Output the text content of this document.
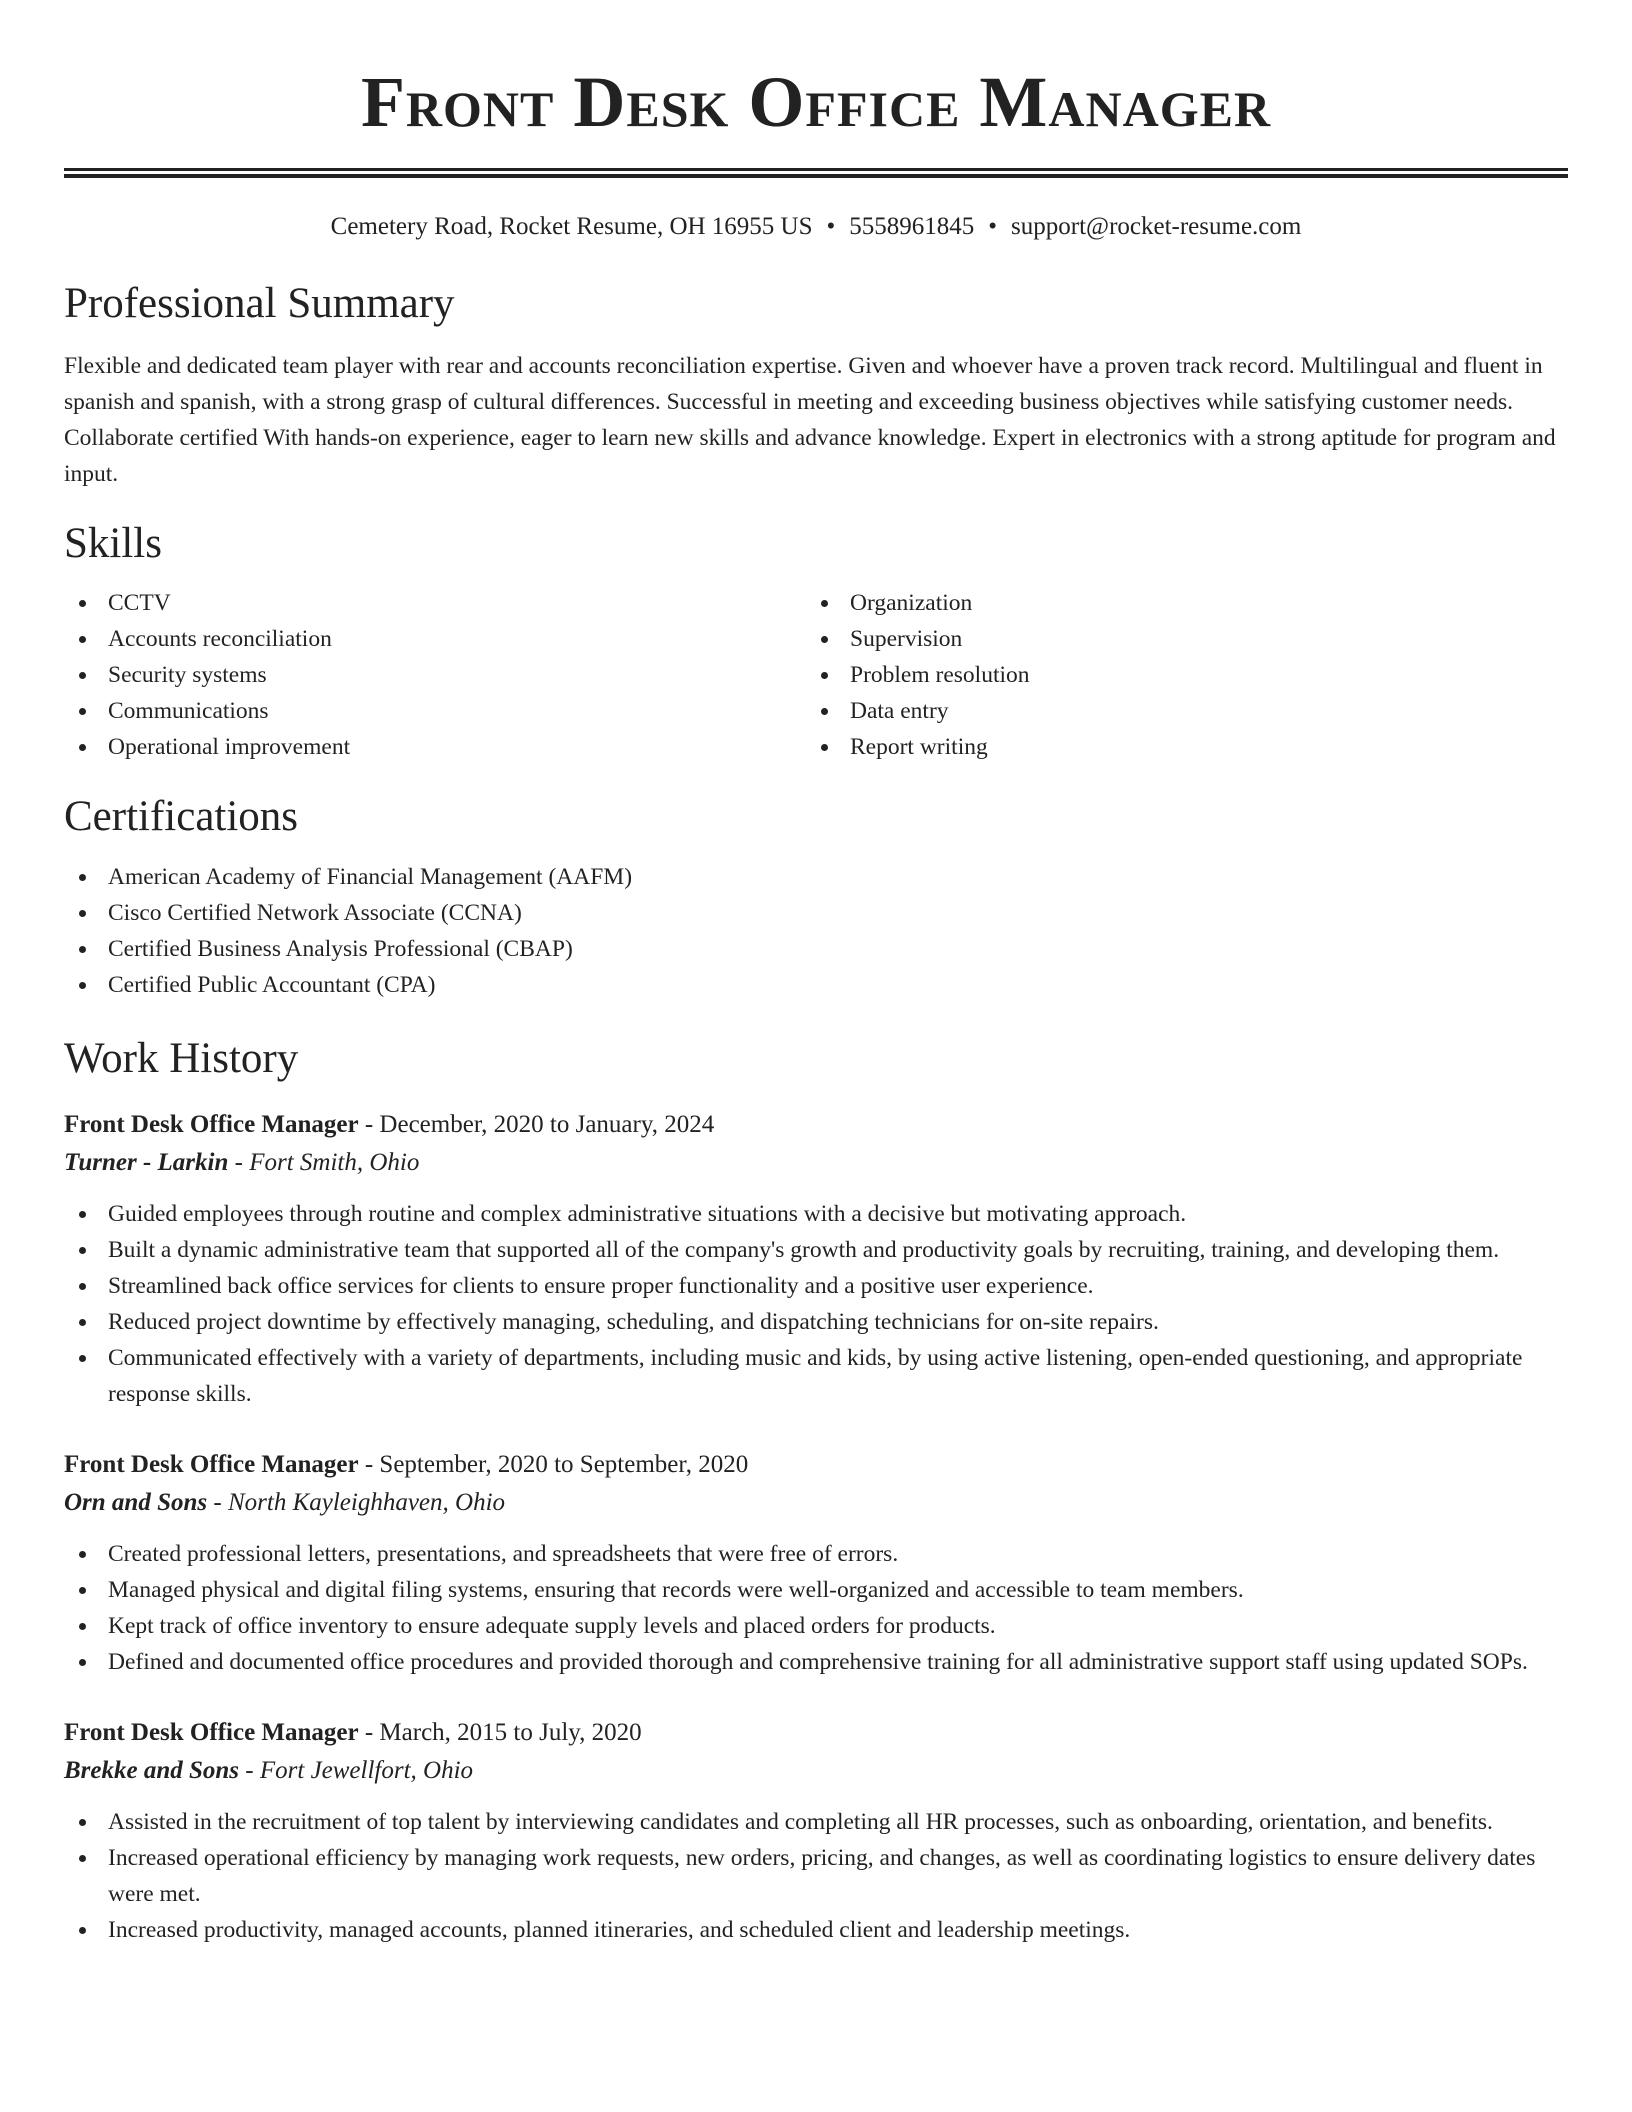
Front Desk Office Manager
Cemetery Road, Rocket Resume, OH 16955 US • 5558961845 • support@rocket-resume.com
Professional Summary

Flexible and dedicated team player with rear and accounts reconciliation expertise. Given and whoever have a proven track record. Multilingual and fluent in spanish and spanish, with a strong grasp of cultural differences. Successful in meeting and exceeding business objectives while satisfying customer needs. Collaborate certified With hands-on experience, eager to learn new skills and advance knowledge. Expert in electronics with a strong aptitude for program and input.

Skills
CCTV
Accounts reconciliation
Security systems
Communications
Operational improvement
Organization
Supervision
Problem resolution
Data entry
Report writing
Certifications
American Academy of Financial Management (AAFM)
Cisco Certified Network Associate (CCNA)
Certified Business Analysis Professional (CBAP)
Certified Public Accountant (CPA)
Work History
Front Desk Office Manager - December, 2020 to January, 2024
Turner - Larkin - Fort Smith, Ohio
Guided employees through routine and complex administrative situations with a decisive but motivating approach.
Built a dynamic administrative team that supported all of the company's growth and productivity goals by recruiting, training, and developing them.
Streamlined back office services for clients to ensure proper functionality and a positive user experience.
Reduced project downtime by effectively managing, scheduling, and dispatching technicians for on-site repairs.
Communicated effectively with a variety of departments, including music and kids, by using active listening, open-ended questioning, and appropriate response skills.
Front Desk Office Manager - September, 2020 to September, 2020
Orn and Sons - North Kayleighhaven, Ohio
Created professional letters, presentations, and spreadsheets that were free of errors.
Managed physical and digital filing systems, ensuring that records were well-organized and accessible to team members.
Kept track of office inventory to ensure adequate supply levels and placed orders for products.
Defined and documented office procedures and provided thorough and comprehensive training for all administrative support staff using updated SOPs.
Front Desk Office Manager - March, 2015 to July, 2020
Brekke and Sons - Fort Jewellfort, Ohio
Assisted in the recruitment of top talent by interviewing candidates and completing all HR processes, such as onboarding, orientation, and benefits.
Increased operational efficiency by managing work requests, new orders, pricing, and changes, as well as coordinating logistics to ensure delivery dates were met.
Increased productivity, managed accounts, planned itineraries, and scheduled client and leadership meetings.
